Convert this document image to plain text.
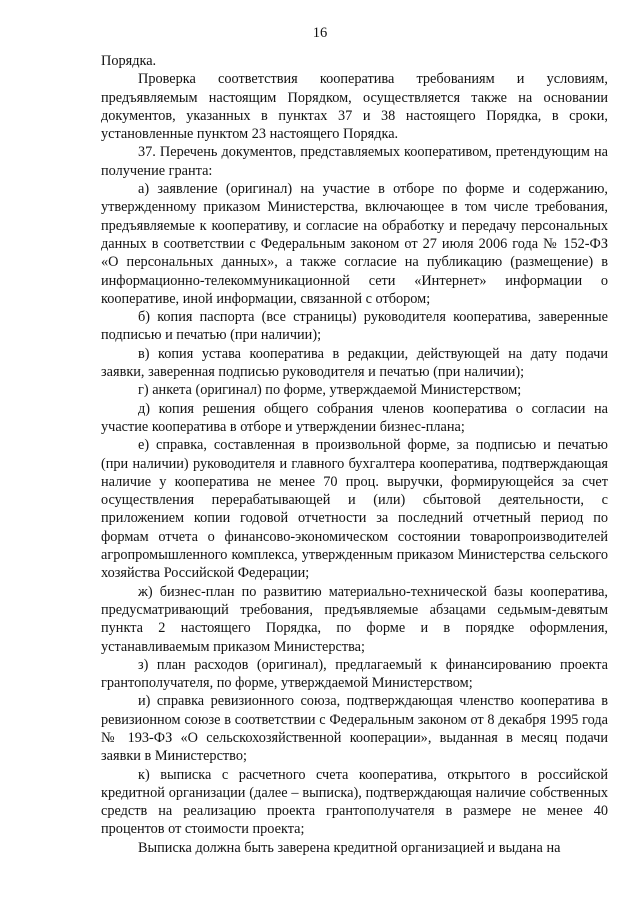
16

Порядка.

Проверка соответствия кооператива требованиям и условиям, предъявляемым настоящим Порядком, осуществляется также на основании документов, указанных в пунктах 37 и 38 настоящего Порядка, в сроки, установленные пунктом 23 настоящего Порядка.

37. Перечень документов, представляемых кооперативом, претендующим на получение гранта:

а) заявление (оригинал) на участие в отборе по форме и содержанию, утвержденному приказом Министерства, включающее в том числе требования, предъявляемые к кооперативу, и согласие на обработку и передачу персональных данных в соответствии с Федеральным законом от 27 июля 2006 года № 152-ФЗ «О персональных данных», а также согласие на публикацию (размещение) в информационно-телекоммуникационной сети «Интернет» информации о кооперативе, иной информации, связанной с отбором;

б) копия паспорта (все страницы) руководителя кооператива, заверенные подписью и печатью (при наличии);

в) копия устава кооператива в редакции, действующей на дату подачи заявки, заверенная подписью руководителя и печатью (при наличии);

г) анкета (оригинал) по форме, утверждаемой Министерством;

д) копия решения общего собрания членов кооператива о согласии на участие кооператива в отборе и утверждении бизнес-плана;

е) справка, составленная в произвольной форме, за подписью и печатью (при наличии) руководителя и главного бухгалтера кооператива, подтверждающая наличие у кооператива не менее 70 проц. выручки, формирующейся за счет осуществления перерабатывающей и (или) сбытовой деятельности, с приложением копии годовой отчетности за последний отчетный период по формам отчета о финансово-экономическом состоянии товаропроизводителей агропромышленного комплекса, утвержденным приказом Министерства сельского хозяйства Российской Федерации;

ж) бизнес-план по развитию материально-технической базы кооператива, предусматривающий требования, предъявляемые абзацами седьмым-девятым пункта 2 настоящего Порядка, по форме и в порядке оформления, устанавливаемым приказом Министерства;

з) план расходов (оригинал), предлагаемый к финансированию проекта грантополучателя, по форме, утверждаемой Министерством;

и) справка ревизионного союза, подтверждающая членство кооператива в ревизионном союзе в соответствии с Федеральным законом от 8 декабря 1995 года № 193-ФЗ «О сельскохозяйственной кооперации», выданная в месяц подачи заявки в Министерство;

к) выписка с расчетного счета кооператива, открытого в российской кредитной организации (далее – выписка), подтверждающая наличие собственных средств на реализацию проекта грантополучателя в размере не менее 40 процентов от стоимости проекта;

Выписка должна быть заверена кредитной организацией и выдана на
